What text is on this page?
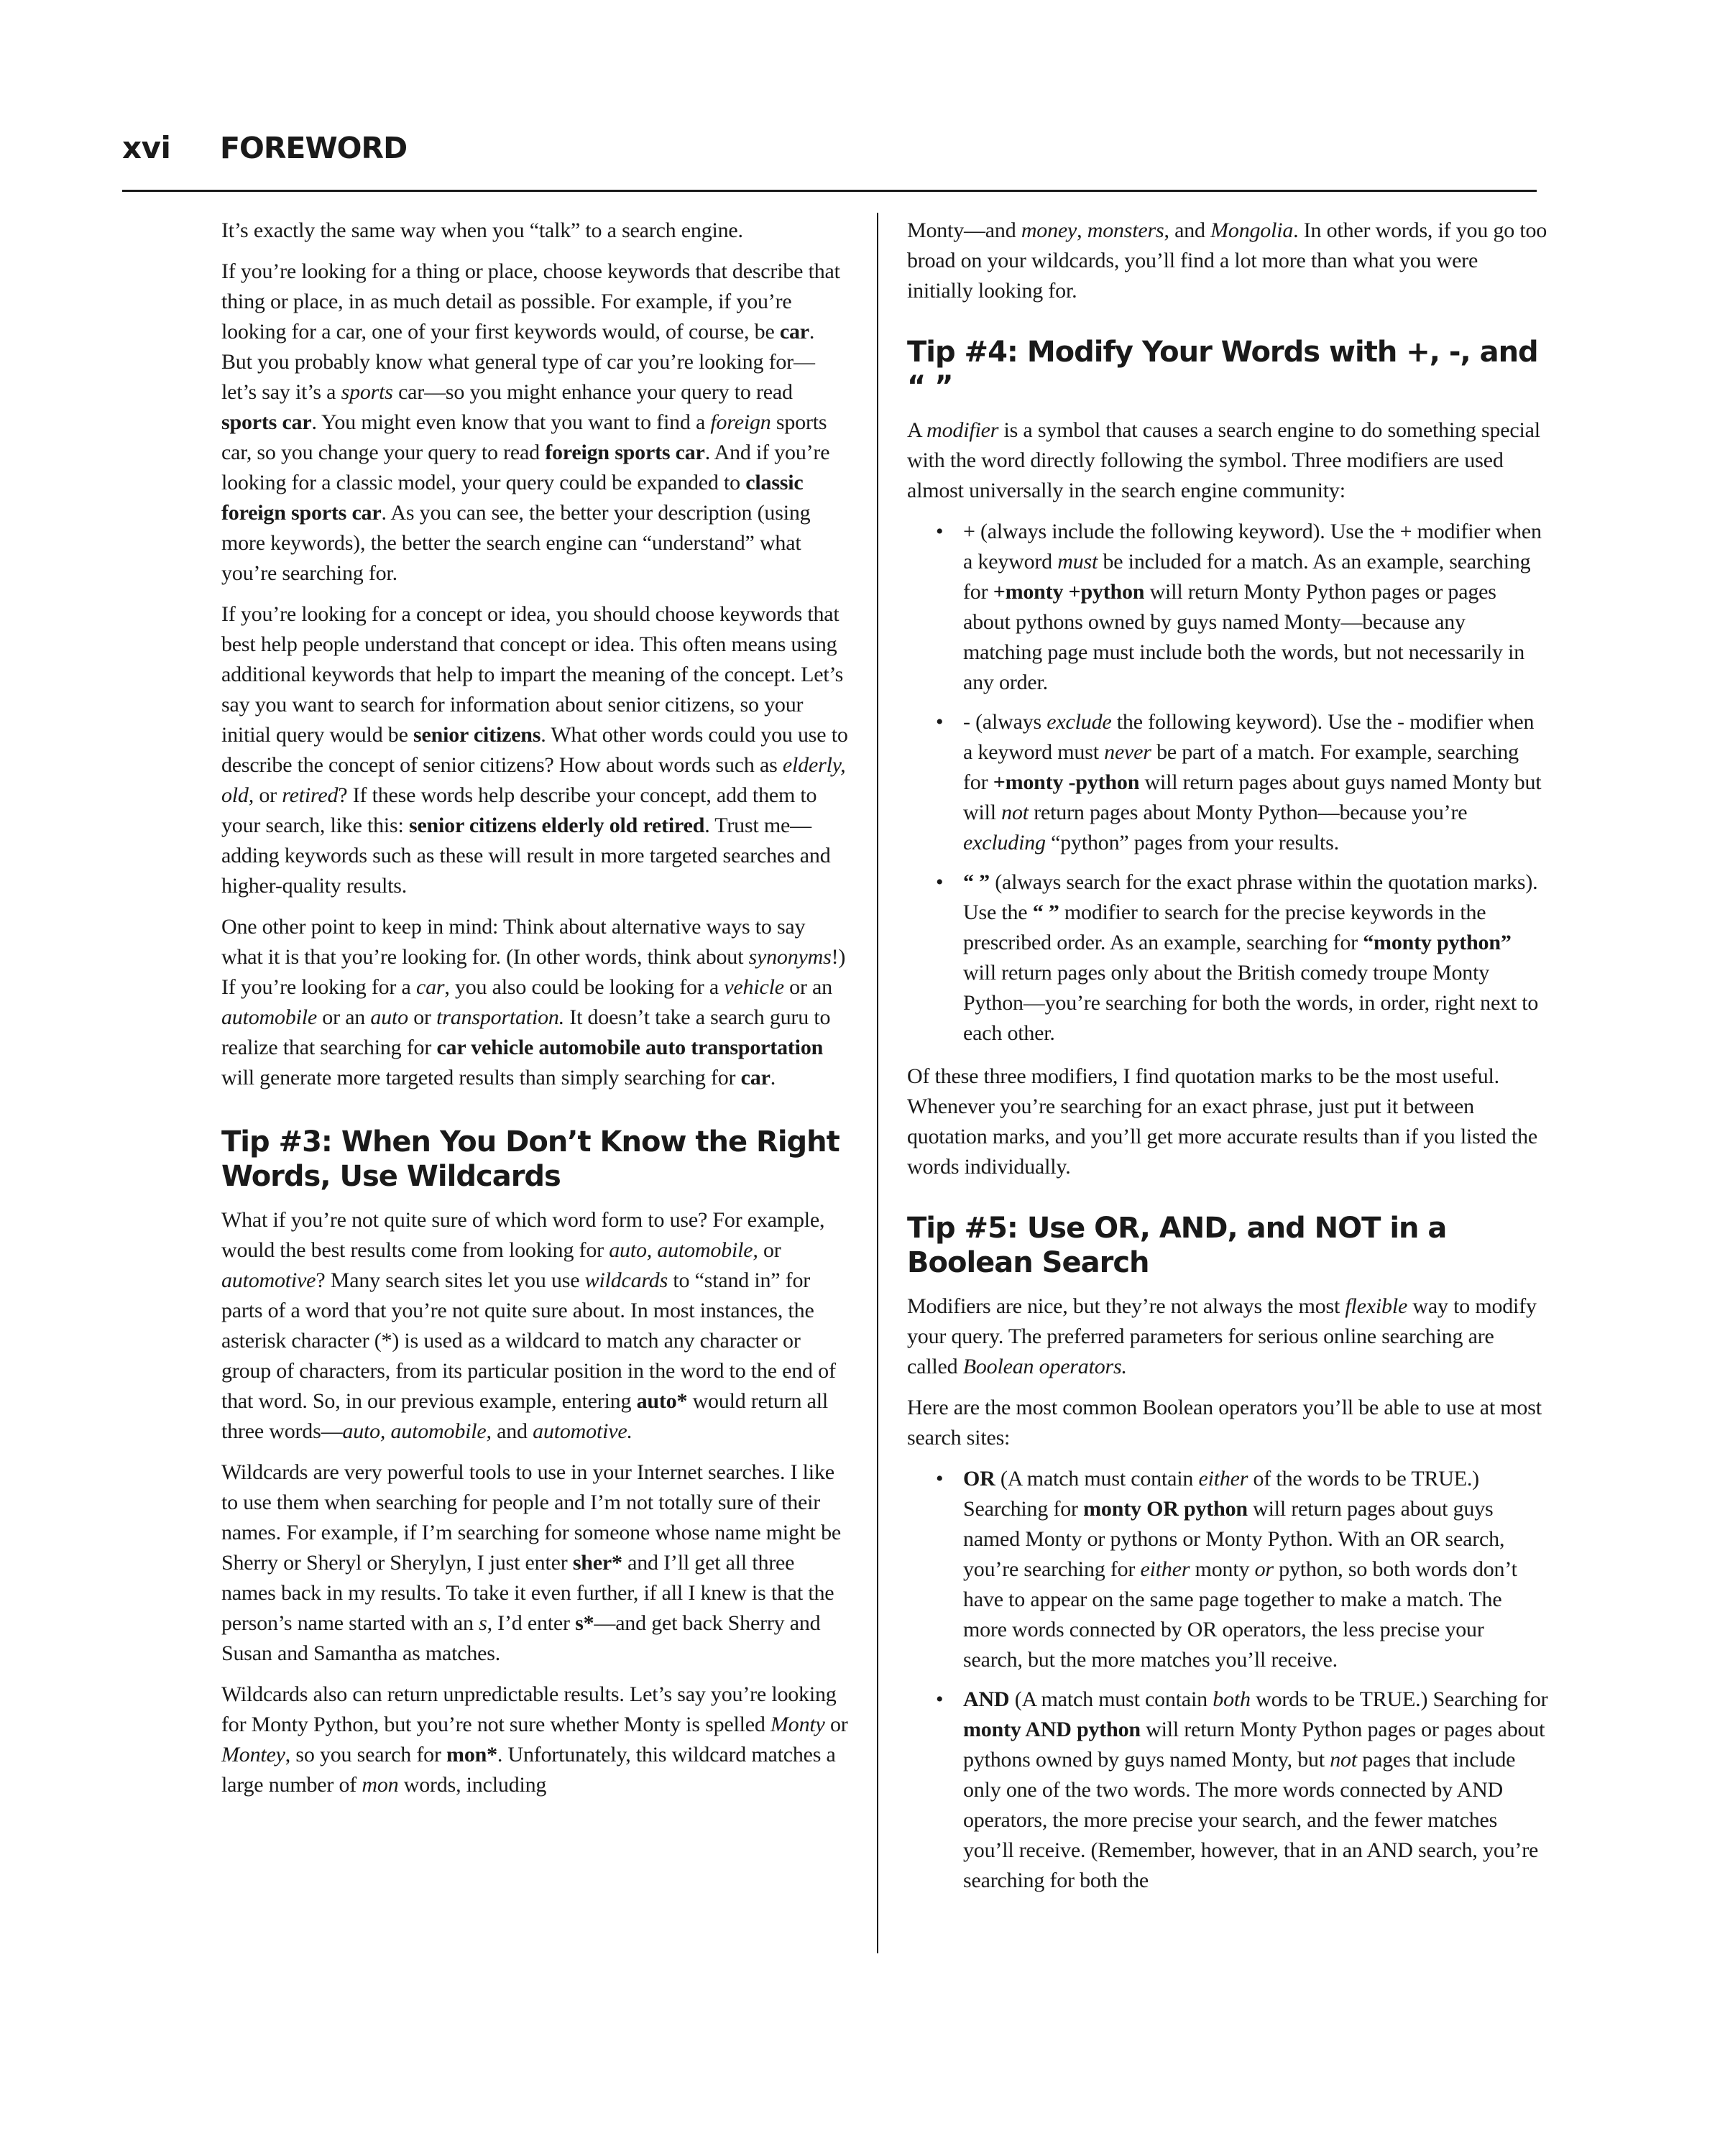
xvi FOREWORD

It’s exactly the same way when you “talk” to a search engine.

If you’re looking for a thing or place, choose keywords that describe that thing or place, in as much detail as possible. For example, if you’re looking for a car, one of your first keywords would, of course, be car. But you probably know what general type of car you’re looking for—let’s say it’s a sports car—so you might enhance your query to read sports car. You might even know that you want to find a foreign sports car, so you change your query to read foreign sports car. And if you’re looking for a classic model, your query could be expanded to classic foreign sports car. As you can see, the better your description (using more keywords), the better the search engine can “understand” what you’re searching for.

If you’re looking for a concept or idea, you should choose keywords that best help people understand that concept or idea. This often means using additional keywords that help to impart the meaning of the concept. Let’s say you want to search for information about senior citizens, so your initial query would be senior citizens. What other words could you use to describe the concept of senior citizens? How about words such as elderly, old, or retired? If these words help describe your concept, add them to your search, like this: senior citizens elderly old retired. Trust me—adding keywords such as these will result in more targeted searches and higher-quality results.

One other point to keep in mind: Think about alternative ways to say what it is that you’re looking for. (In other words, think about synonyms!) If you’re looking for a car, you also could be looking for a vehicle or an automobile or an auto or transportation. It doesn’t take a search guru to realize that searching for car vehicle automobile auto transportation will generate more targeted results than simply searching for car.

Tip #3: When You Don’t Know the Right Words, Use Wildcards

What if you’re not quite sure of which word form to use? For example, would the best results come from looking for auto, automobile, or automotive? Many search sites let you use wildcards to “stand in” for parts of a word that you’re not quite sure about. In most instances, the asterisk character (*) is used as a wildcard to match any character or group of characters, from its particular position in the word to the end of that word. So, in our previous example, entering auto* would return all three words—auto, automobile, and automotive.

Wildcards are very powerful tools to use in your Internet searches. I like to use them when searching for people and I’m not totally sure of their names. For example, if I’m searching for someone whose name might be Sherry or Sheryl or Sherylyn, I just enter sher* and I’ll get all three names back in my results. To take it even further, if all I knew is that the person’s name started with an s, I’d enter s*—and get back Sherry and Susan and Samantha as matches.

Wildcards also can return unpredictable results. Let’s say you’re looking for Monty Python, but you’re not sure whether Monty is spelled Monty or Montey, so you search for mon*. Unfortunately, this wildcard matches a large number of mon words, including

Monty—and money, monsters, and Mongolia. In other words, if you go too broad on your wildcards, you’ll find a lot more than what you were initially looking for.

Tip #4: Modify Your Words with +, -, and “ ”

A modifier is a symbol that causes a search engine to do something special with the word directly following the symbol. Three modifiers are used almost universally in the search engine community:

• + (always include the following keyword). Use the + modifier when a keyword must be included for a match. As an example, searching for +monty +python will return Monty Python pages or pages about pythons owned by guys named Monty—because any matching page must include both the words, but not necessarily in any order.
• - (always exclude the following keyword). Use the - modifier when a keyword must never be part of a match. For example, searching for +monty -python will return pages about guys named Monty but will not return pages about Monty Python—because you’re excluding “python” pages from your results.
• “ ” (always search for the exact phrase within the quotation marks). Use the “ ” modifier to search for the precise keywords in the prescribed order. As an example, searching for “monty python” will return pages only about the British comedy troupe Monty Python—you’re searching for both the words, in order, right next to each other.

Of these three modifiers, I find quotation marks to be the most useful. Whenever you’re searching for an exact phrase, just put it between quotation marks, and you’ll get more accurate results than if you listed the words individually.

Tip #5: Use OR, AND, and NOT in a Boolean Search

Modifiers are nice, but they’re not always the most flexible way to modify your query. The preferred parameters for serious online searching are called Boolean operators.

Here are the most common Boolean operators you’ll be able to use at most search sites:

• OR (A match must contain either of the words to be TRUE.) Searching for monty OR python will return pages about guys named Monty or pythons or Monty Python. With an OR search, you’re searching for either monty or python, so both words don’t have to appear on the same page together to make a match. The more words connected by OR operators, the less precise your search, but the more matches you’ll receive.
• AND (A match must contain both words to be TRUE.) Searching for monty AND python will return Monty Python pages or pages about pythons owned by guys named Monty, but not pages that include only one of the two words. The more words connected by AND operators, the more precise your search, and the fewer matches you’ll receive. (Remember, however, that in an AND search, you’re searching for both the
